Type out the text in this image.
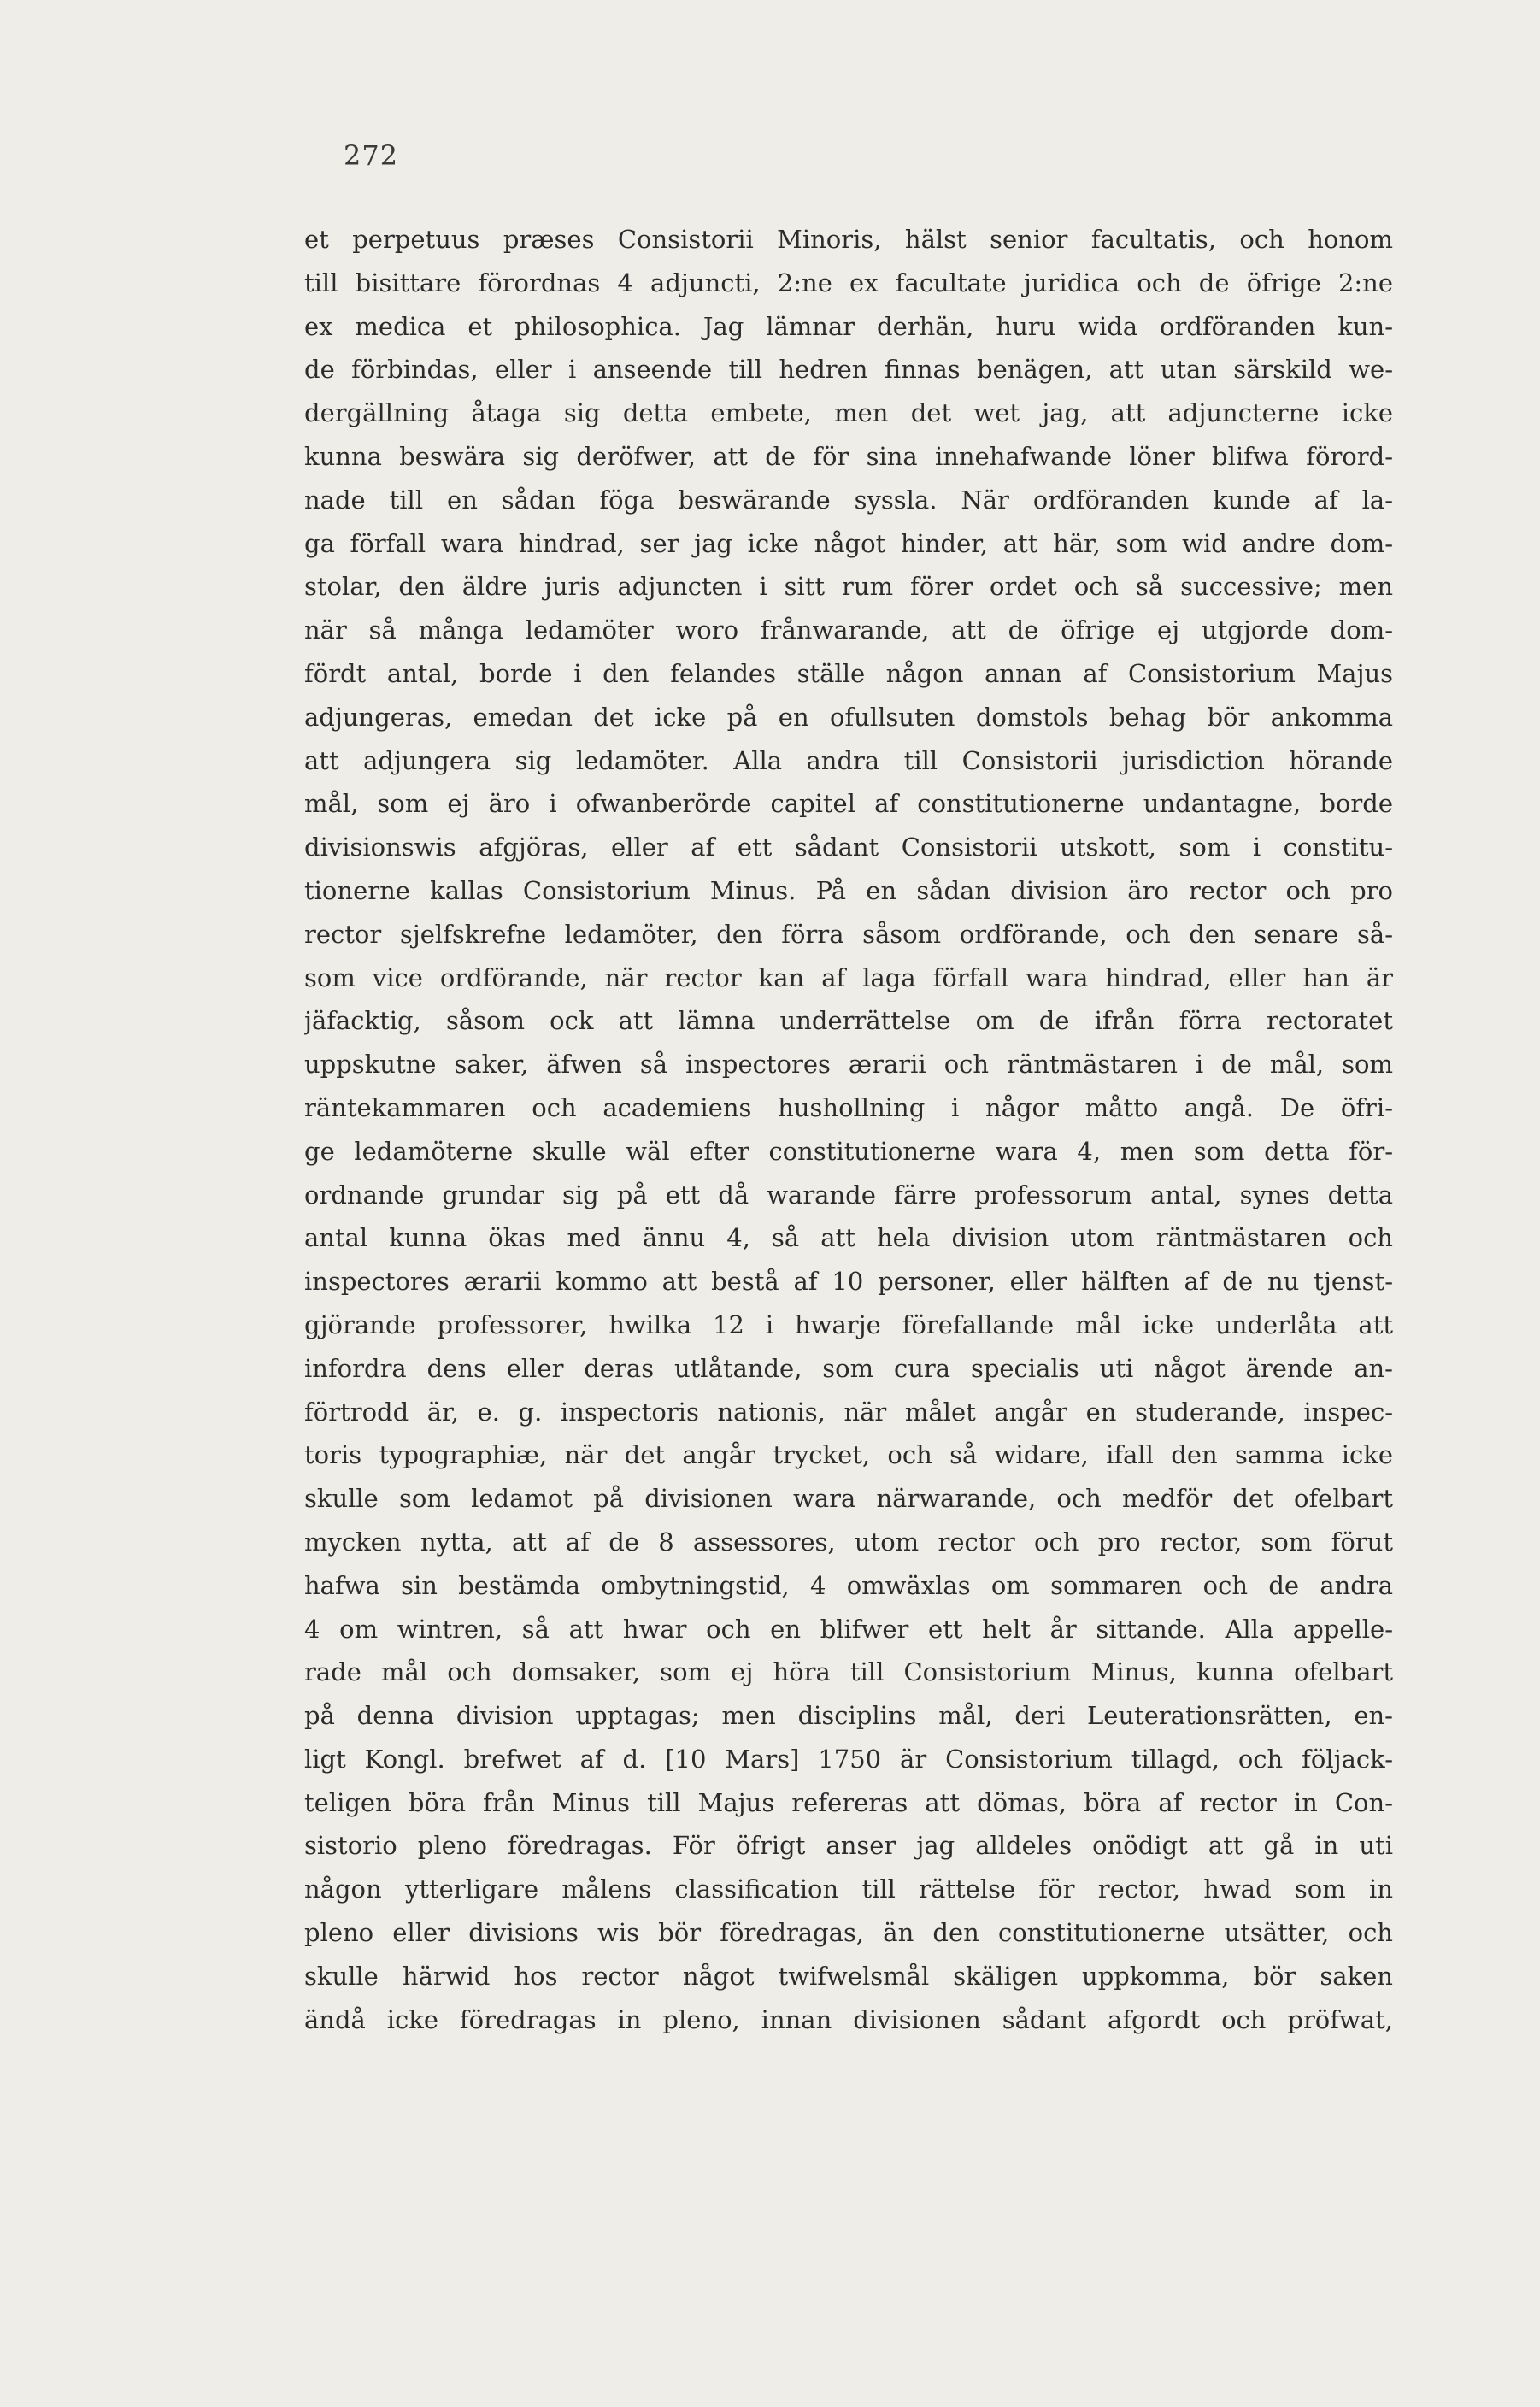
272
et perpetuus præses Consistorii Minoris, hälst senior facultatis, och honom
till bisittare förordnas 4 adjuncti, 2:ne ex facultate juridica och de öfrige 2:ne
ex medica et philosophica. Jag lämnar derhän, huru wida ordföranden kun-
de förbindas, eller i anseende till hedren finnas benägen, att utan särskild we-
dergällning åtaga sig detta embete, men det wet jag, att adjuncterne icke
kunna beswära sig deröfwer, att de för sina innehafwande löner blifwa förord-
nade till en sådan föga beswärande syssla. När ordföranden kunde af la-
ga förfall wara hindrad, ser jag icke något hinder, att här, som wid andre dom-
stolar, den äldre juris adjuncten i sitt rum förer ordet och så successive; men
när så många ledamöter woro frånwarande, att de öfrige ej utgjorde dom-
fördt antal, borde i den felandes ställe någon annan af Consistorium Majus
adjungeras, emedan det icke på en ofullsuten domstols behag bör ankomma
att adjungera sig ledamöter. Alla andra till Consistorii jurisdiction hörande
mål, som ej äro i ofwanberörde capitel af constitutionerne undantagne, borde
divisionswis afgjöras, eller af ett sådant Consistorii utskott, som i constitu-
tionerne kallas Consistorium Minus. På en sådan division äro rector och pro
rector sjelfskrefne ledamöter, den förra såsom ordförande, och den senare så-
som vice ordförande, när rector kan af laga förfall wara hindrad, eller han är
jäfacktig, såsom ock att lämna underrättelse om de ifrån förra rectoratet
uppskutne saker, äfwen så inspectores ærarii och räntmästaren i de mål, som
räntekammaren och academiens hushollning i någor måtto angå. De öfri-
ge ledamöterne skulle wäl efter constitutionerne wara 4, men som detta för-
ordnande grundar sig på ett då warande färre professorum antal, synes detta
antal kunna ökas med ännu 4, så att hela division utom räntmästaren och
inspectores ærarii kommo att bestå af 10 personer, eller hälften af de nu tjenst-
gjörande professorer, hwilka 12 i hwarje förefallande mål icke underlåta att
infordra dens eller deras utlåtande, som cura specialis uti något ärende an-
förtrodd är, e. g. inspectoris nationis, när målet angår en studerande, inspec-
toris typographiæ, när det angår trycket, och så widare, ifall den samma icke
skulle som ledamot på divisionen wara närwarande, och medför det ofelbart
mycken nytta, att af de 8 assessores, utom rector och pro rector, som förut
hafwa sin bestämda ombytningstid, 4 omwäxlas om sommaren och de andra
4 om wintren, så att hwar och en blifwer ett helt år sittande. Alla appelle-
rade mål och domsaker, som ej höra till Consistorium Minus, kunna ofelbart
på denna division upptagas; men disciplins mål, deri Leuterationsrätten, en-
ligt Kongl. brefwet af d. [10 Mars] 1750 är Consistorium tillagd, och följack-
teligen böra från Minus till Majus refereras att dömas, böra af rector in Con-
sistorio pleno föredragas. För öfrigt anser jag alldeles onödigt att gå in uti
någon ytterligare målens classification till rättelse för rector, hwad som in
pleno eller divisions wis bör föredragas, än den constitutionerne utsätter, och
skulle härwid hos rector något twifwelsmål skäligen uppkomma, bör saken
ändå icke föredragas in pleno, innan divisionen sådant afgordt och pröfwat,
